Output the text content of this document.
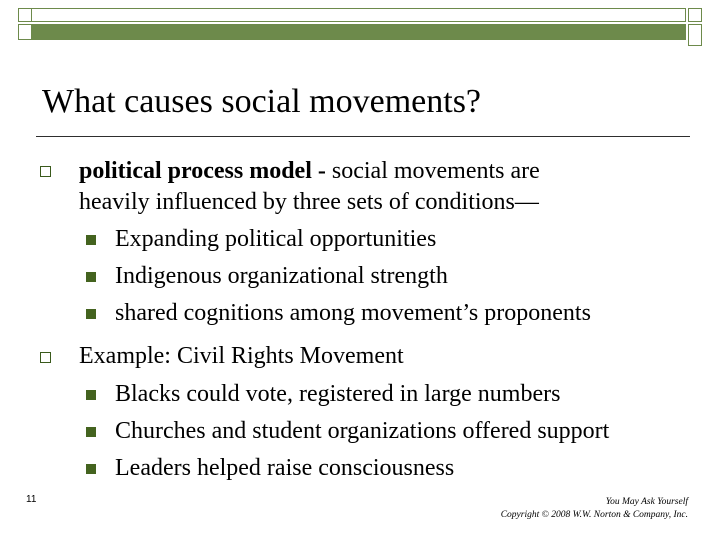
What causes social movements?
political process model - social movements are
heavily influenced by three sets of conditions—
Expanding political opportunities
Indigenous organizational strength
shared cognitions among movement’s proponents
Example: Civil Rights Movement
Blacks could vote, registered in large numbers
Churches and student organizations offered support
Leaders helped raise consciousness
11	You May Ask Yourself
Copyright © 2008 W.W. Norton & Company, Inc.
